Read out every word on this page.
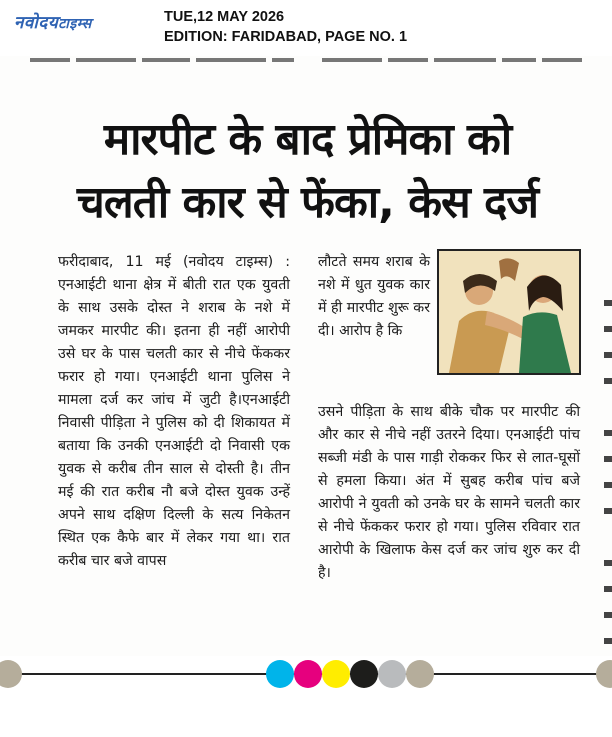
नवोदयटाइम्स	TUE,12 MAY 2026
EDITION: FARIDABAD, PAGE NO. 1
मारपीट के बाद प्रेमिका को
चलती कार से फेंका, केस दर्ज
फरीदाबाद, 11 मई (नवोदय टाइम्स) : एनआईटी थाना क्षेत्र में बीती रात एक युवती के साथ उसके दोस्त ने शराब के नशे में जमकर मारपीट की। इतना ही नहीं आरोपी उसे घर के पास चलती कार से नीचे फेंककर फरार हो गया। एनआईटी थाना पुलिस ने मामला दर्ज कर जांच में जुटी है।एनआईटी निवासी पीड़िता ने पुलिस को दी शिकायत में बताया कि उनकी एनआईटी दो निवासी एक युवक से करीब तीन साल से दोस्ती है। तीन मई की रात करीब नौ बजे दोस्त युवक उन्हें अपने साथ दक्षिण दिल्ली के सत्य निकेतन स्थित एक कैफे बार में लेकर गया था। रात करीब चार बजे वापस
लौटते समय शराब के नशे में धुत युवक कार में ही मारपीट शुरू कर दी। आरोप है कि
उसने पीड़िता के साथ बीके चौक पर मारपीट की और कार से नीचे नहीं उतरने दिया। एनआईटी पांच सब्जी मंडी के पास गाड़ी रोककर फिर से लात-घूसों से हमला किया। अंत में सुबह करीब पांच बजे आरोपी ने युवती को उनके घर के सामने चलती कार से नीचे फेंककर फरार हो गया। पुलिस रविवार रात आरोपी के खिलाफ केस दर्ज कर जांच शुरु कर दी है।
